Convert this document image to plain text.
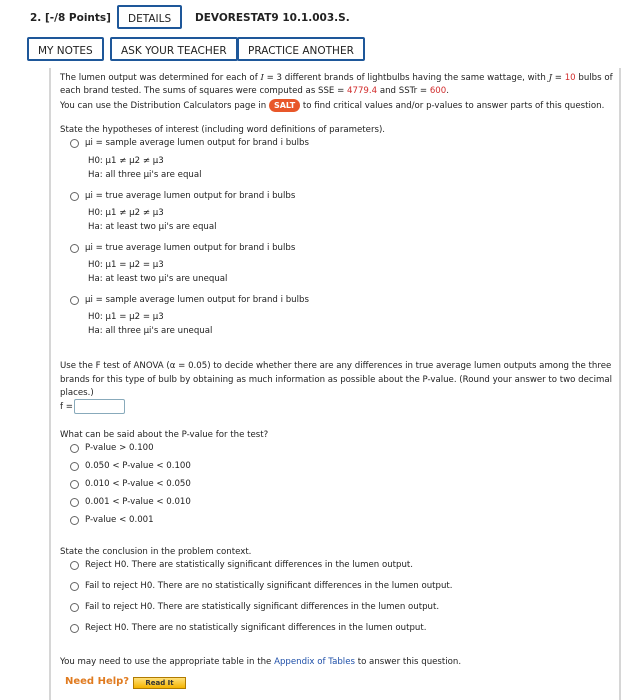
2. [-/8 Points]	DETAILS	DEVORESTAT9 10.1.003.S.
MY NOTES	ASK YOUR TEACHER	PRACTICE ANOTHER
The lumen output was determined for each of I = 3 different brands of lightbulbs having the same wattage, with J = 10 bulbs of
each brand tested. The sums of squares were computed as SSE = 4779.4 and SSTr = 600.
You can use the Distribution Calculators page in SALT to find critical values and/or p-values to answer parts of this question.
State the hypotheses of interest (including word definitions of parameters).
μi = sample average lumen output for brand i bulbs
H0: μ1 ≠ μ2 ≠ μ3
Ha: all three μi's are equal
μi = true average lumen output for brand i bulbs
H0: μ1 ≠ μ2 ≠ μ3
Ha: at least two μi's are equal
μi = true average lumen output for brand i bulbs
H0: μ1 = μ2 = μ3
Ha: at least two μi's are unequal
μi = sample average lumen output for brand i bulbs
H0: μ1 = μ2 = μ3
Ha: all three μi's are unequal
Use the F test of ANOVA (α = 0.05) to decide whether there are any differences in true average lumen outputs among the three
brands for this type of bulb by obtaining as much information as possible about the P-value. (Round your answer to two decimal
places.)
f =
What can be said about the P-value for the test?
P-value > 0.100
0.050 < P-value < 0.100
0.010 < P-value < 0.050
0.001 < P-value < 0.010
P-value < 0.001
State the conclusion in the problem context.
Reject H0. There are statistically significant differences in the lumen output.
Fail to reject H0. There are no statistically significant differences in the lumen output.
Fail to reject H0. There are statistically significant differences in the lumen output.
Reject H0. There are no statistically significant differences in the lumen output.
You may need to use the appropriate table in the Appendix of Tables to answer this question.
Need Help?	Read It
